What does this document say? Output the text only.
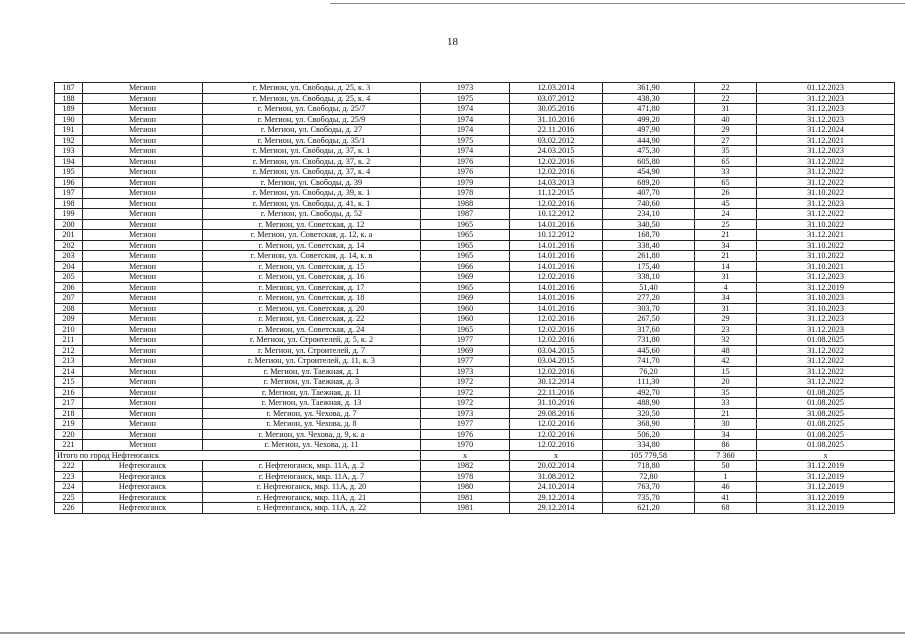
18
187	Мегион	г. Мегион, ул. Свободы, д. 25, к. 3	1973	12.03.2014	361,90	22	01.12.2023
188	Мегион	г. Мегион, ул. Свободы, д. 25, к. 4	1975	03.07.2012	438,30	22	31.12.2023
189	Мегион	г. Мегион, ул. Свободы, д. 25/7	1974	30.05.2016	471,80	31	31.12.2023
190	Мегион	г. Мегион, ул. Свободы, д. 25/9	1974	31.10.2016	499,20	40	31.12.2023
191	Мегион	г. Мегион, ул. Свободы, д. 27	1974	22.11.2016	497,90	29	31.12.2024
192	Мегион	г. Мегион, ул. Свободы, д. 35/1	1975	03.02.2012	444,90	27	31.12.2021
193	Мегион	г. Мегион, ул. Свободы, д. 37, к. 1	1974	24.03.2015	475,30	35	31.12.2023
194	Мегион	г. Мегион, ул. Свободы, д. 37, к. 2	1976	12.02.2016	605,80	65	31.12.2022
195	Мегион	г. Мегион, ул. Свободы, д. 37, к. 4	1976	12.02.2016	454,90	33	31.12.2022
196	Мегион	г. Мегион, ул. Свободы, д. 39	1979	14.03.2013	689,20	65	31.12.2022
197	Мегион	г. Мегион, ул. Свободы, д. 39, к. 1	1978	11.12.2015	407,70	26	31.10.2022
198	Мегион	г. Мегион, ул. Свободы, д. 41, к. 1	1988	12.02.2016	740,60	45	31.12.2023
199	Мегион	г. Мегион, ул. Свободы, д. 52	1987	10.12.2012	234,10	24	31.12.2022
200	Мегион	г. Мегион, ул. Советская, д. 12	1965	14.01.2016	340,50	25	31.10.2022
201	Мегион	г. Мегион, ул. Советская, д. 12, к. а	1965	10.12.2012	168,70	21	31.12.2021
202	Мегион	г. Мегион, ул. Советская, д. 14	1965	14.01.2016	338,40	34	31.10.2022
203	Мегион	г. Мегион, ул. Советская, д. 14, к. в	1965	14.01.2016	261,80	21	31.10.2022
204	Мегион	г. Мегион, ул. Советская, д. 15	1966	14.01.2016	175,40	14	31.10.2021
205	Мегион	г. Мегион, ул. Советская, д. 16	1969	12.02.2016	338,10	31	31.12.2023
206	Мегион	г. Мегион, ул. Советская, д. 17	1965	14.01.2016	51,40	4	31.12.2019
207	Мегион	г. Мегион, ул. Советская, д. 18	1969	14.01.2016	277,20	34	31.10.2023
208	Мегион	г. Мегион, ул. Советская, д. 20	1960	14.01.2016	303,70	31	31.10.2023
209	Мегион	г. Мегион, ул. Советская, д. 22	1960	12.02.2016	267,50	29	31.12.2023
210	Мегион	г. Мегион, ул. Советская, д. 24	1965	12.02.2016	317,60	23	31.12.2023
211	Мегион	г. Мегион, ул. Строителей, д. 5, к. 2	1977	12.02.2016	731,80	32	01.08.2025
212	Мегион	г. Мегион, ул. Строителей, д. 7	1969	03.04.2015	445,60	48	31.12.2022
213	Мегион	г. Мегион, ул. Строителей, д. 11, к. 3	1977	03.04.2015	741,70	42	31.12.2022
214	Мегион	г. Мегион, ул. Таежная, д. 1	1973	12.02.2016	76,20	15	31.12.2022
215	Мегион	г. Мегион, ул. Таежная, д. 3	1972	30.12.2014	111,30	20	31.12.2022
216	Мегион	г. Мегион, ул. Таежная, д. 11	1972	22.11.2016	492,70	35	01.08.2025
217	Мегион	г. Мегион, ул. Таежная, д. 13	1972	31.10.2016	488,90	33	01.08.2025
218	Мегион	г. Мегион, ул. Чехова, д. 7	1973	29.08.2016	320,50	21	31.08.2025
219	Мегион	г. Мегион, ул. Чехова, д. 8	1977	12.02.2016	368,90	30	01.08.2025
220	Мегион	г. Мегион, ул. Чехова, д. 9, к. а	1976	12.02.2016	506,20	34	01.08.2025
221	Мегион	г. Мегион, ул. Чехова, д. 11	1970	12.02.2016	334,80	86	01.08.2025
Итого по город Нефтеюганск			х	х	105 779,58	7 360	х
222	Нефтеюганск	г. Нефтеюганск, мкр. 11А, д. 2	1982	20.02.2014	718,80	50	31.12.2019
223	Нефтеюганск	г. Нефтеюганск, мкр. 11А, д. 7	1978	31.08.2012	72,80	1	31.12.2019
224	Нефтеюганск	г. Нефтеюганск, мкр. 11А, д. 20	1980	24.10.2014	763,70	46	31.12.2019
225	Нефтеюганск	г. Нефтеюганск, мкр. 11А, д. 21	1981	29.12.2014	735,70	41	31.12.2019
226	Нефтеюганск	г. Нефтеюганск, мкр. 11А, д. 22	1981	29.12.2014	621,20	68	31.12.2019
